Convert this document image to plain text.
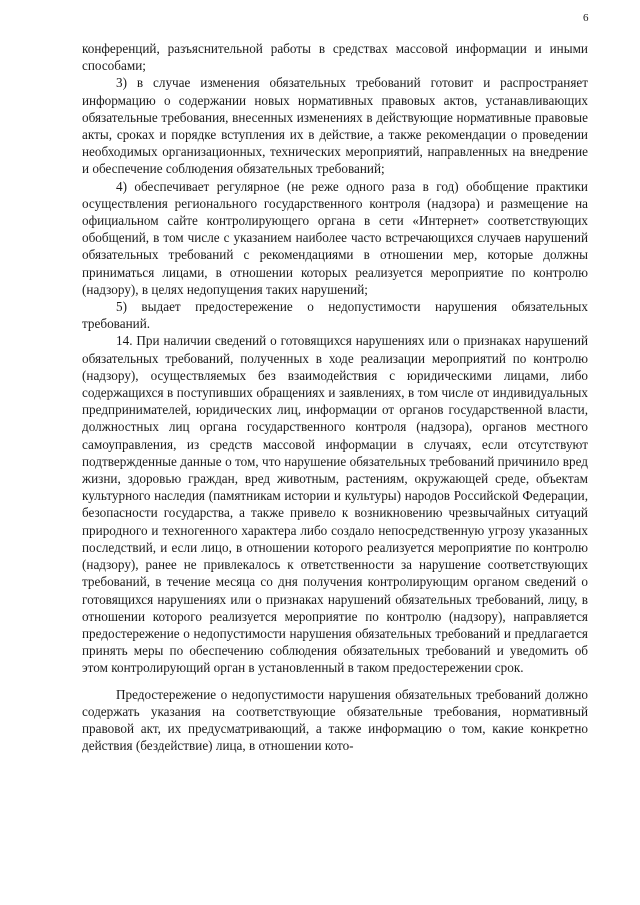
6

конференций, разъяснительной работы в средствах массовой информации и иными способами;

3) в случае изменения обязательных требований готовит и распространяет информацию о содержании новых нормативных правовых актов, устанавливающих обязательные требования, внесенных изменениях в действующие нормативные правовые акты, сроках и порядке вступления их в действие, а также рекомендации о проведении необходимых организационных, технических мероприятий, направленных на внедрение и обеспечение соблюдения обязательных требований;

4) обеспечивает регулярное (не реже одного раза в год) обобщение практики осуществления регионального государственного контроля (надзора) и размещение на официальном сайте контролирующего органа в сети «Интернет» соответствующих обобщений, в том числе с указанием наиболее часто встречающихся случаев нарушений обязательных требований с рекомендациями в отношении мер, которые должны приниматься лицами, в отношении которых реализуется мероприятие по контролю (надзору), в целях недопущения таких нарушений;

5) выдает предостережение о недопустимости нарушения обязательных требований.

14. При наличии сведений о готовящихся нарушениях или о признаках нарушений обязательных требований, полученных в ходе реализации мероприятий по контролю (надзору), осуществляемых без взаимодействия с юридическими лицами, либо содержащихся в поступивших обращениях и заявлениях, в том числе от индивидуальных предпринимателей, юридических лиц, информации от органов государственной власти, должностных лиц органа государственного контроля (надзора), органов местного самоуправления, из средств массовой информации в случаях, если отсутствуют подтвержденные данные о том, что нарушение обязательных требований причинило вред жизни, здоровью граждан, вред животным, растениям, окружающей среде, объектам культурного наследия (памятникам истории и культуры) народов Российской Федерации, безопасности государства, а также привело к возникновению чрезвычайных ситуаций природного и техногенного характера либо создало непосредственную угрозу указанных последствий, и если лицо, в отношении которого реализуется мероприятие по контролю (надзору), ранее не привлекалось к ответственности за нарушение соответствующих требований, в течение месяца со дня получения контролирующим органом сведений о готовящихся нарушениях или о признаках нарушений обязательных требований, лицу, в отношении которого реализуется мероприятие по контролю (надзору), направляется предостережение о недопустимости нарушения обязательных требований и предлагается принять меры по обеспечению соблюдения обязательных требований и уведомить об этом контролирующий орган в установленный в таком предостережении срок.

Предостережение о недопустимости нарушения обязательных требований должно содержать указания на соответствующие обязательные требования, нормативный правовой акт, их предусматривающий, а также информацию о том, какие конкретно действия (бездействие) лица, в отношении кото-
